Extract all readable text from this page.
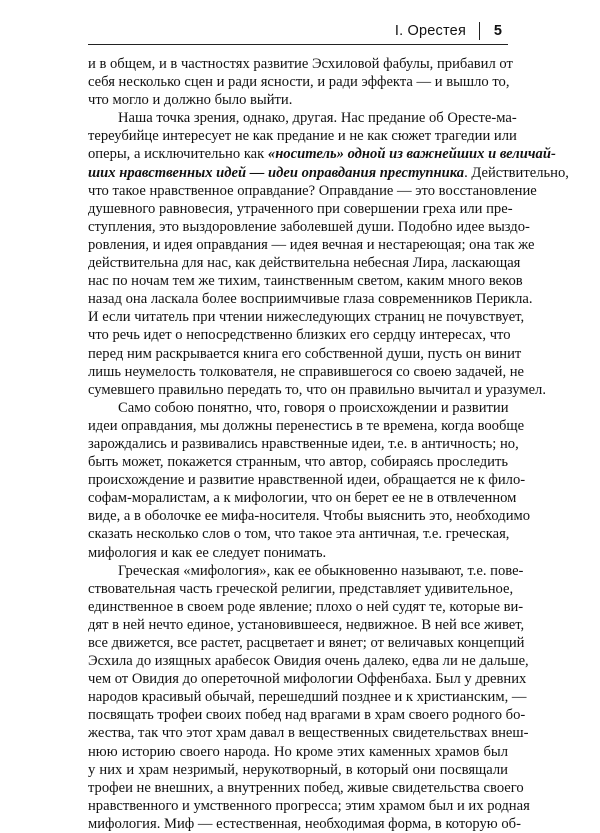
I. Орестея 5
и в общем, и в частностях развитие Эсхиловой фабулы, прибавил от
себя несколько сцен и ради ясности, и ради эффекта — и вышло то,
что могло и должно было выйти.
Наша точка зрения, однако, другая. Нас предание об Оресте-ма-
тереубийце интересует не как предание и не как сюжет трагедии или
оперы, а исключительно как «носитель» одной из важнейших и величай-
ших нравственных идей — идеи оправдания преступника. Действительно,
что такое нравственное оправдание? Оправдание — это восстановление
душевного равновесия, утраченного при совершении греха или пре-
ступления, это выздоровление заболевшей души. Подобно идее выздо-
ровления, и идея оправдания — идея вечная и нестареющая; она так же
действительна для нас, как действительна небесная Лира, ласкающая
нас по ночам тем же тихим, таинственным светом, каким много веков
назад она ласкала более восприимчивые глаза современников Перикла.
И если читатель при чтении нижеследующих страниц не почувствует,
что речь идет о непосредственно близких его сердцу интересах, что
перед ним раскрывается книга его собственной души, пусть он винит
лишь неумелость толкователя, не справившегося со своею задачей, не
сумевшего правильно передать то, что он правильно вычитал и уразумел.
Само собою понятно, что, говоря о происхождении и развитии
идеи оправдания, мы должны перенестись в те времена, когда вообще
зарождались и развивались нравственные идеи, т.е. в античность; но,
быть может, покажется странным, что автор, собираясь проследить
происхождение и развитие нравственной идеи, обращается не к фило-
софам-моралистам, а к мифологии, что он берет ее не в отвлеченном
виде, а в оболочке ее мифа-носителя. Чтобы выяснить это, необходимо
сказать несколько слов о том, что такое эта античная, т.е. греческая,
мифология и как ее следует понимать.
Греческая «мифология», как ее обыкновенно называют, т.е. пове-
ствовательная часть греческой религии, представляет удивительное,
единственное в своем роде явление; плохо о ней судят те, которые ви-
дят в ней нечто единое, установившееся, недвижное. В ней все живет,
все движется, все растет, расцветает и вянет; от величавых концепций
Эсхила до изящных арабесок Овидия очень далеко, едва ли не дальше,
чем от Овидия до опереточной мифологии Оффенбаха. Был у древних
народов красивый обычай, перешедший позднее и к христианским, —
посвящать трофеи своих побед над врагами в храм своего родного бо-
жества, так что этот храм давал в вещественных свидетельствах внеш-
нюю историю своего народа. Но кроме этих каменных храмов был
у них и храм незримый, нерукотворный, в который они посвящали
трофеи не внешних, а внутренних побед, живые свидетельства своего
нравственного и умственного прогресса; этим храмом был и их родная
мифология. Миф — естественная, необходимая форма, в которую об-
